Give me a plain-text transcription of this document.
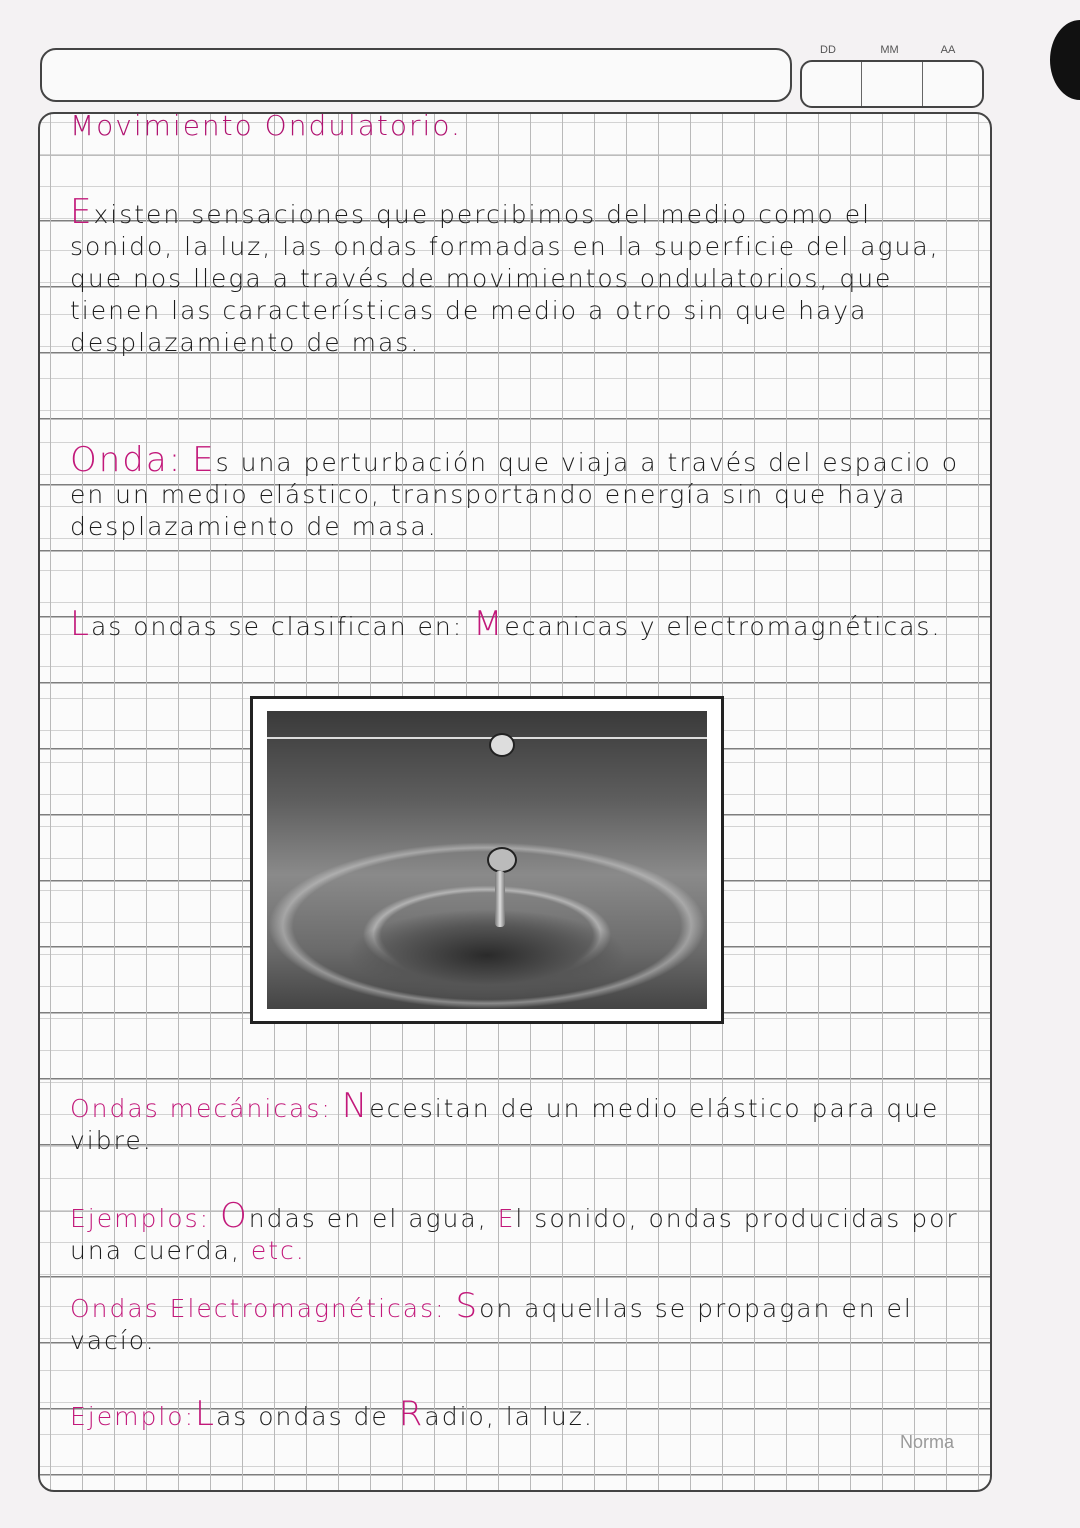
DD	MM	AA
Movimiento Ondulatorio.
Existen sensaciones que percibimos del medio como el sonido, la luz, las ondas formadas en la superficie del agua, que nos llega a través de movimientos ondulatorios, que tienen las características de medio a otro sin que haya desplazamiento de mas.
Onda: Es una perturbación que viaja a través del espacio o en un medio elástico, transportando energía sin que haya desplazamiento de masa.
Las ondas se clasifican en: Mecanicas y electromagnéticas.
Ondas mecánicas: Necesitan de un medio elástico para que vibre.
Ejemplos: Ondas en el agua, El sonido, ondas producidas por una cuerda, etc.
Ondas Electromagnéticas: Son aquellas se propagan en el vacío.
Ejemplo:Las ondas de Radio, la luz.
Norma
